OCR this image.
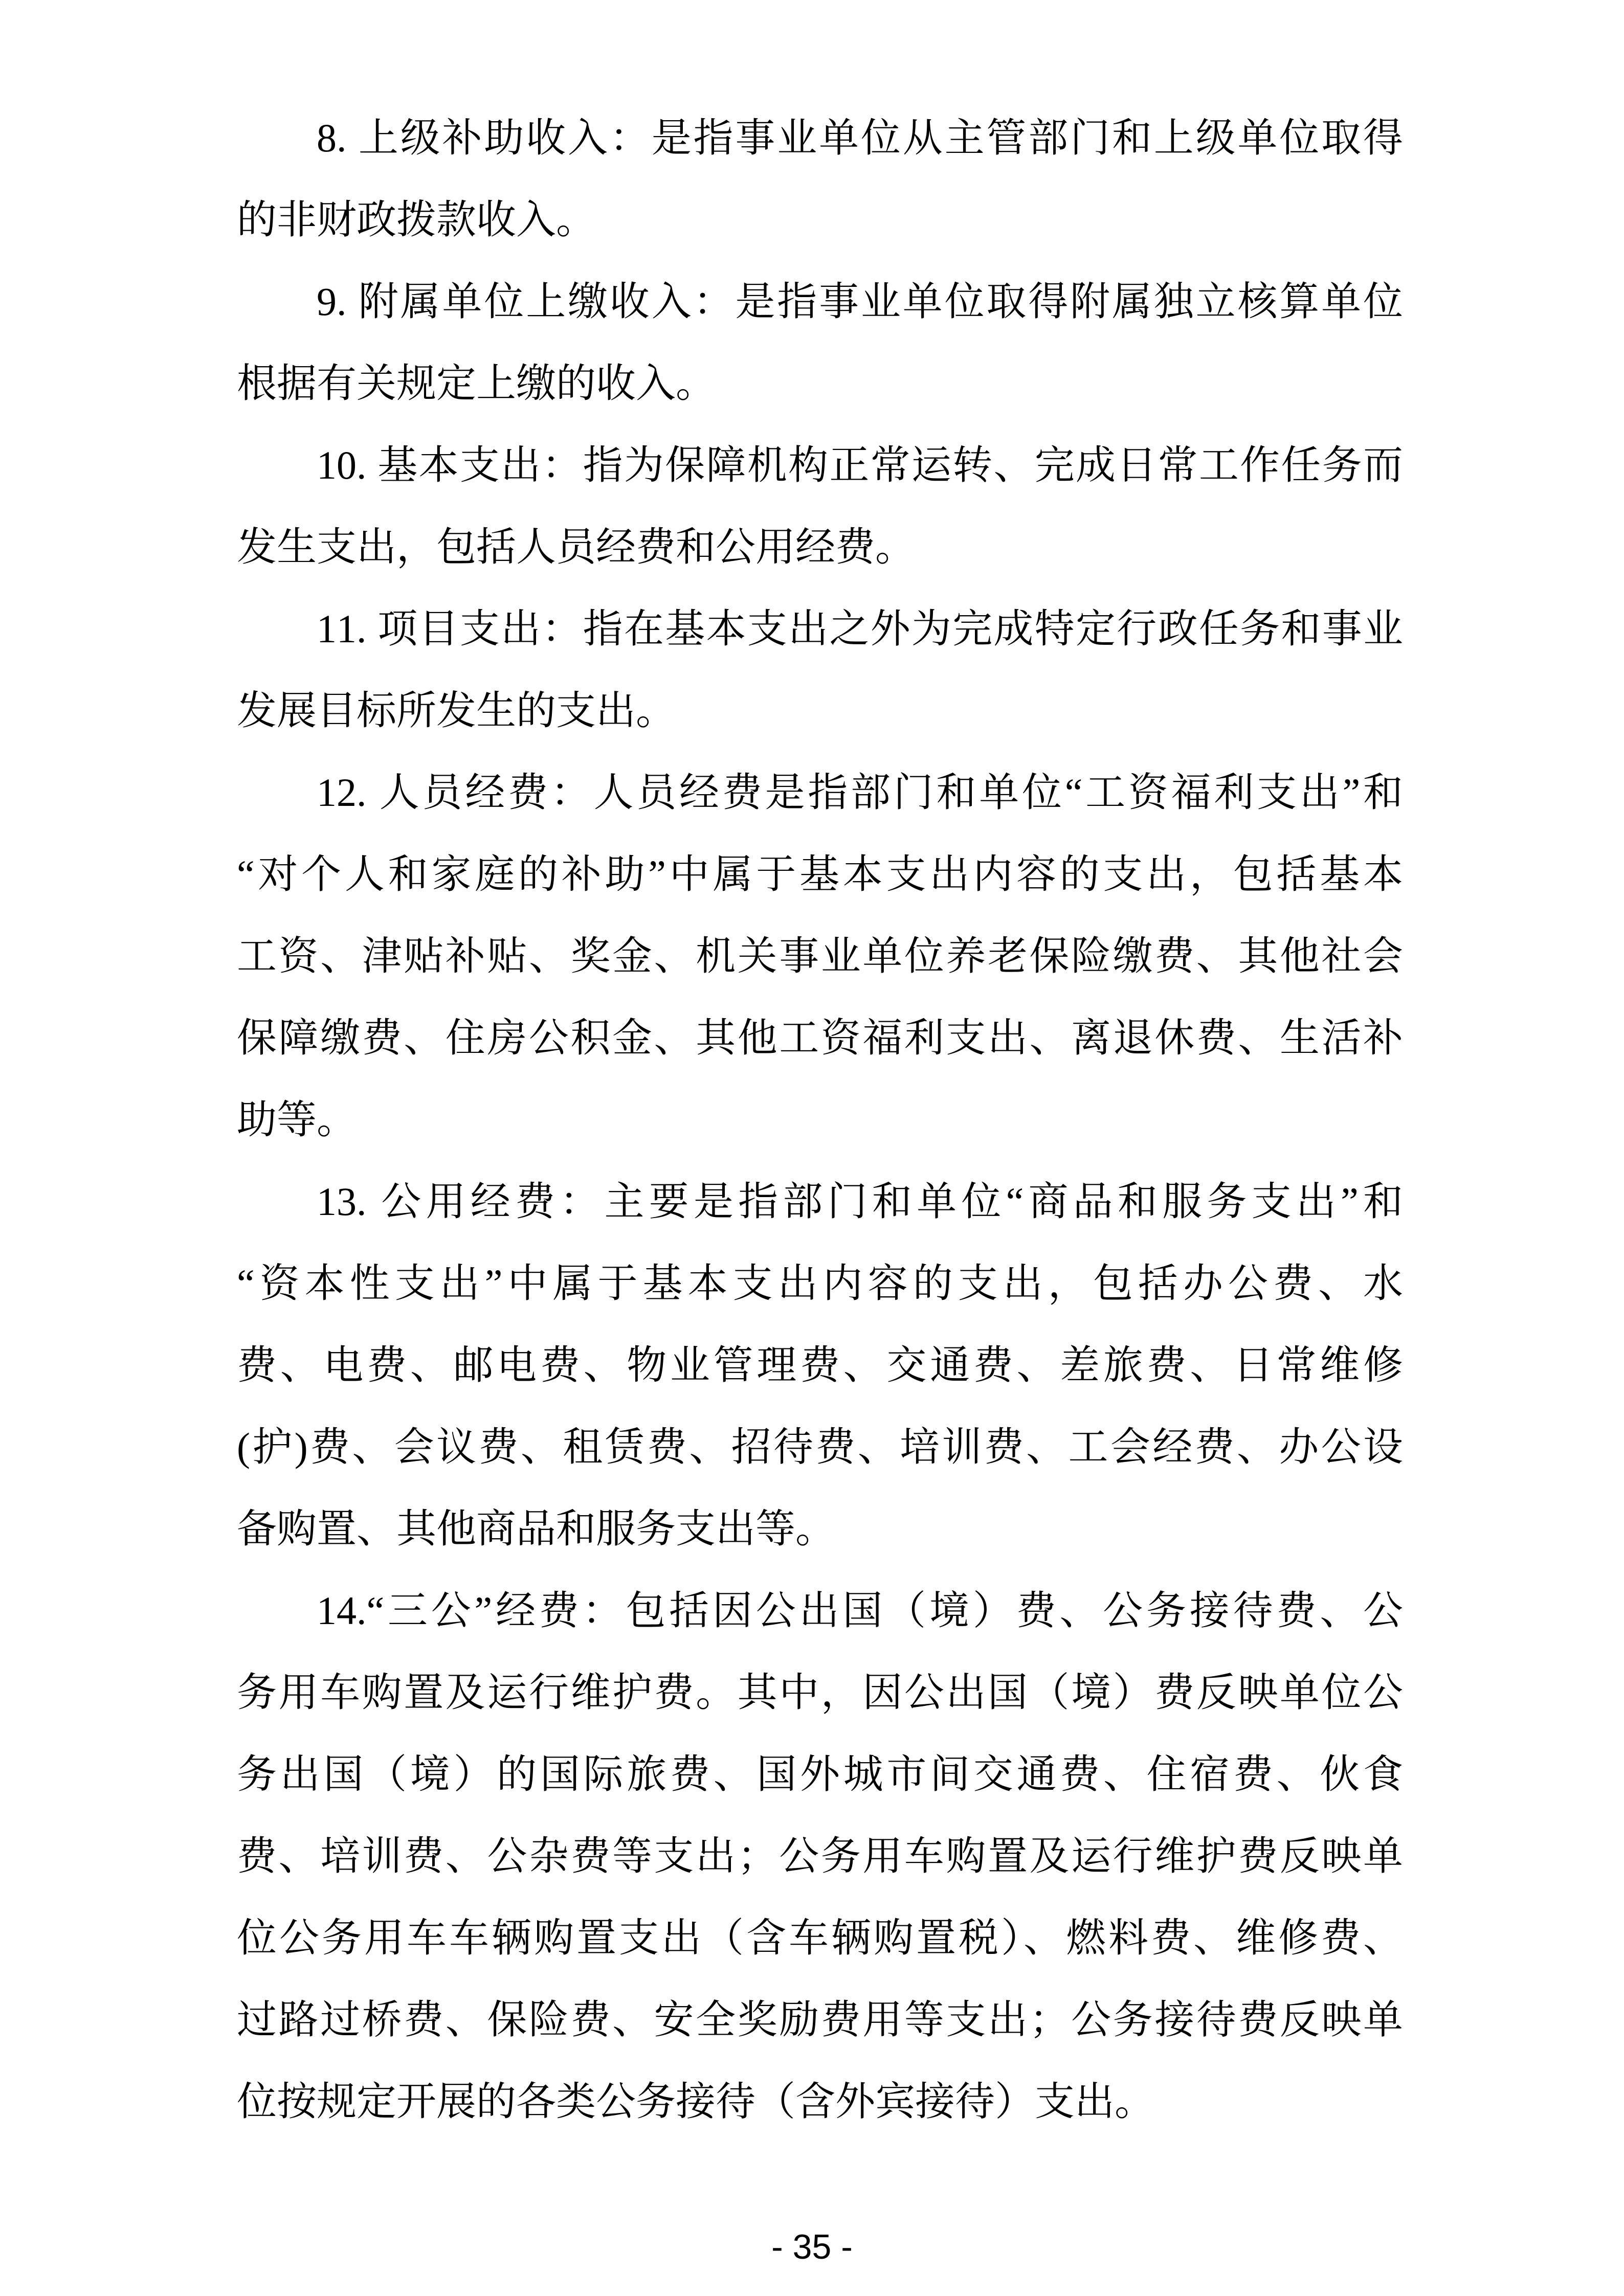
8. 上级补助收入：是指事业单位从主管部门和上级单位取得
的非财政拨款收入。
9. 附属单位上缴收入：是指事业单位取得附属独立核算单位
根据有关规定上缴的收入。
10. 基本支出：指为保障机构正常运转、完成日常工作任务而
发生支出，包括人员经费和公用经费。
11. 项目支出：指在基本支出之外为完成特定行政任务和事业
发展目标所发生的支出。
12. 人员经费：人员经费是指部门和单位“工资福利支出”和
“对个人和家庭的补助”中属于基本支出内容的支出，包括基本
工资、津贴补贴、奖金、机关事业单位养老保险缴费、其他社会
保障缴费、住房公积金、其他工资福利支出、离退休费、生活补
助等。
13. 公用经费：主要是指部门和单位“商品和服务支出”和
“资本性支出”中属于基本支出内容的支出，包括办公费、水
费、电费、邮电费、物业管理费、交通费、差旅费、日常维修
(护)费、会议费、租赁费、招待费、培训费、工会经费、办公设
备购置、其他商品和服务支出等。
14.“三公”经费：包括因公出国（境）费、公务接待费、公
务用车购置及运行维护费。其中，因公出国（境）费反映单位公
务出国（境）的国际旅费、国外城市间交通费、住宿费、伙食
费、培训费、公杂费等支出；公务用车购置及运行维护费反映单
位公务用车车辆购置支出（含车辆购置税）、燃料费、维修费、
过路过桥费、保险费、安全奖励费用等支出；公务接待费反映单
位按规定开展的各类公务接待（含外宾接待）支出。
- 35 -
